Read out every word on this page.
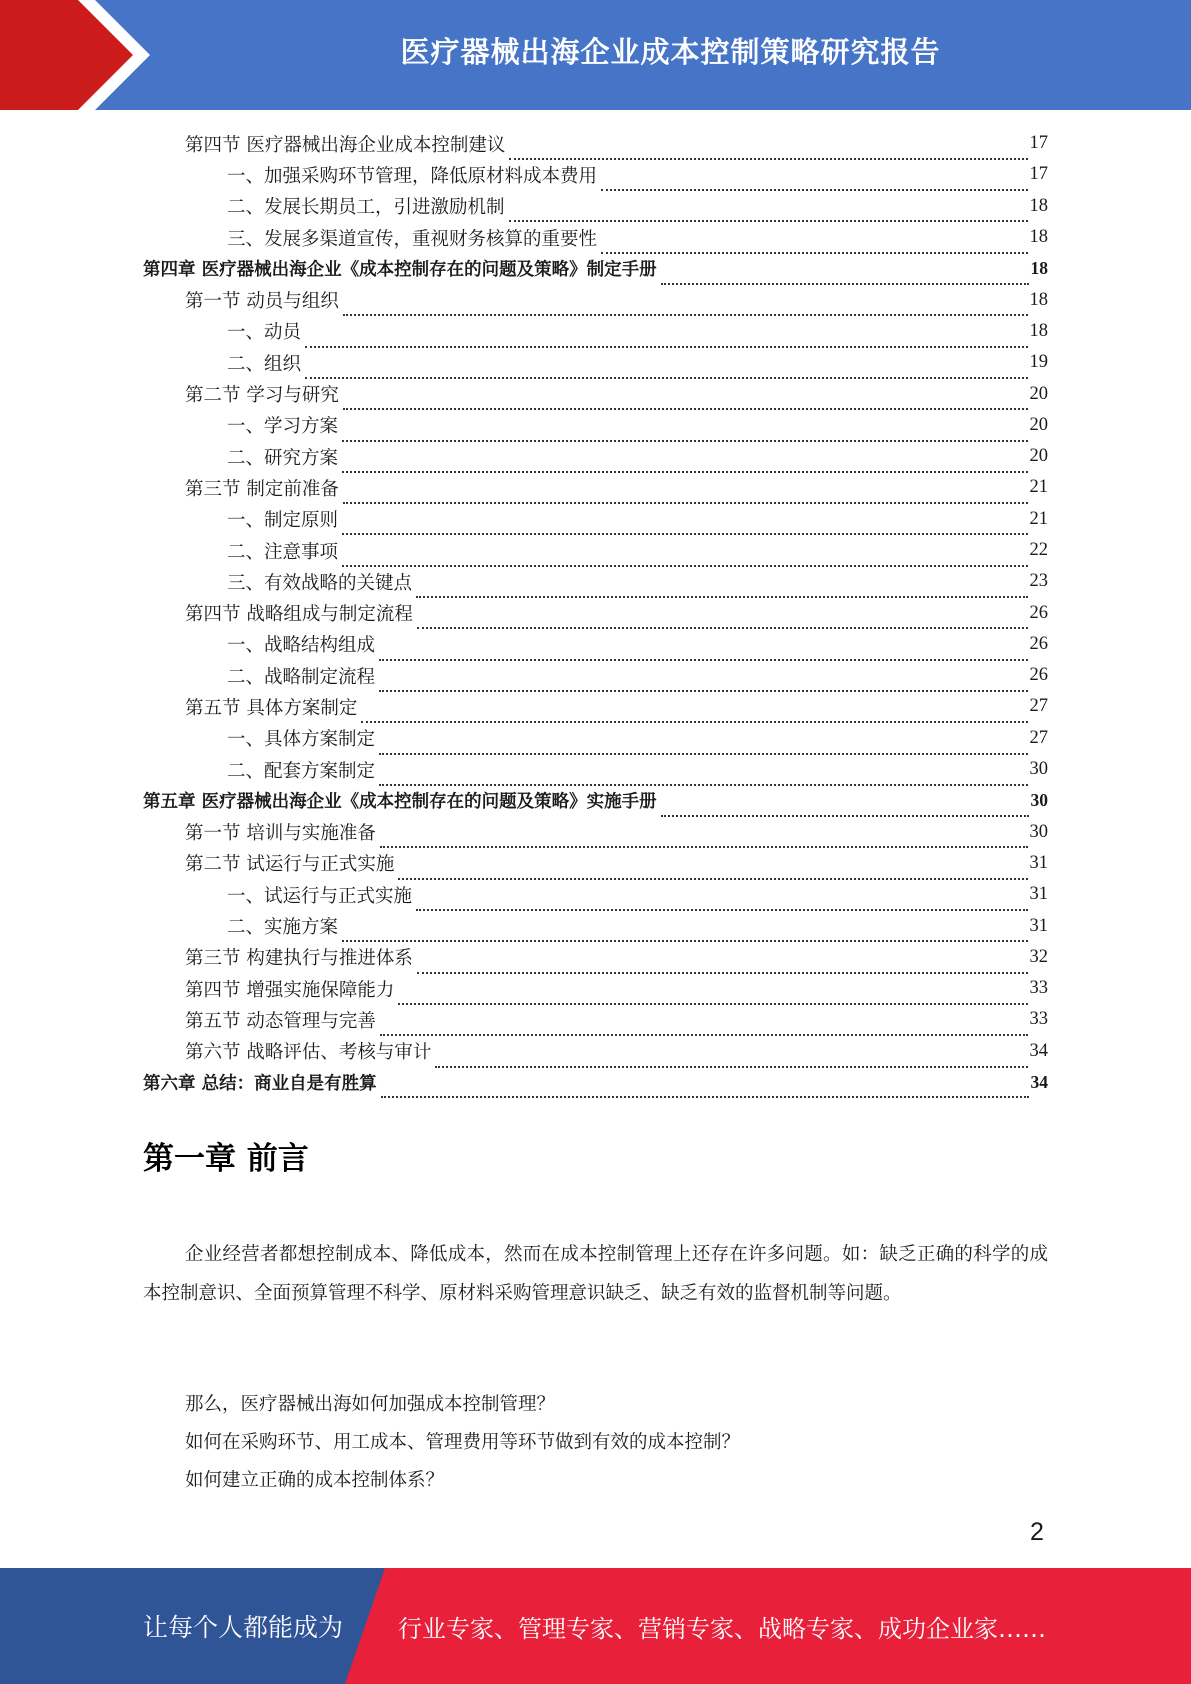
医疗器械出海企业成本控制策略研究报告
第四节 医疗器械出海企业成本控制建议	17
一、加强采购环节管理，降低原材料成本费用	17
二、发展长期员工，引进激励机制	18
三、发展多渠道宣传，重视财务核算的重要性	18
第四章 医疗器械出海企业《成本控制存在的问题及策略》制定手册	18
第一节 动员与组织	18
一、动员	18
二、组织	19
第二节 学习与研究	20
一、学习方案	20
二、研究方案	20
第三节 制定前准备	21
一、制定原则	21
二、注意事项	22
三、有效战略的关键点	23
第四节 战略组成与制定流程	26
一、战略结构组成	26
二、战略制定流程	26
第五节 具体方案制定	27
一、具体方案制定	27
二、配套方案制定	30
第五章 医疗器械出海企业《成本控制存在的问题及策略》实施手册	30
第一节 培训与实施准备	30
第二节 试运行与正式实施	31
一、试运行与正式实施	31
二、实施方案	31
第三节 构建执行与推进体系	32
第四节 增强实施保障能力	33
第五节 动态管理与完善	33
第六节 战略评估、考核与审计	34
第六章 总结：商业自是有胜算	34
第一章 前言

企业经营者都想控制成本、降低成本，然而在成本控制管理上还存在许多问题。如：缺乏正确的科学的成本控制意识、全面预算管理不科学、原材料采购管理意识缺乏、缺乏有效的监督机制等问题。

那么，医疗器械出海如何加强成本控制管理？

如何在采购环节、用工成本、管理费用等环节做到有效的成本控制？

如何建立正确的成本控制体系？

2
让每个人都能成为 行业专家、管理专家、营销专家、战略专家、成功企业家……
